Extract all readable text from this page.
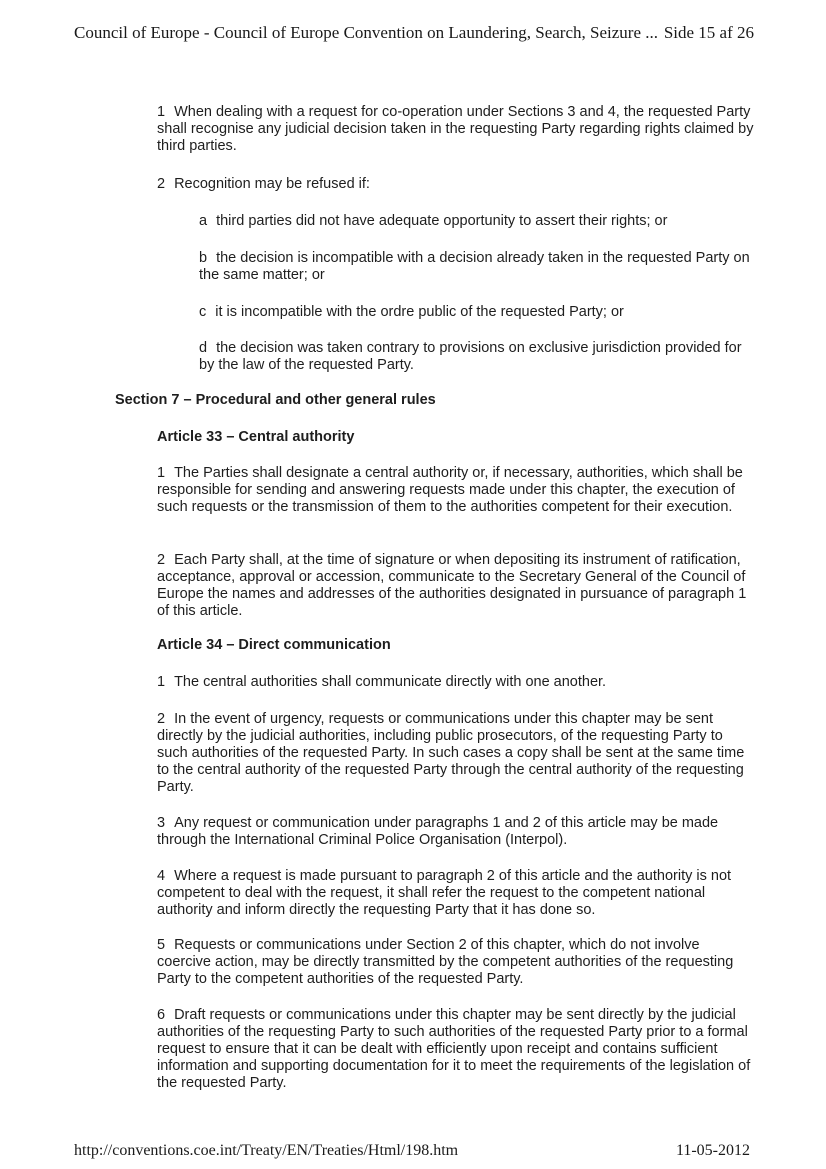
Council of Europe - Council of Europe Convention on Laundering, Search, Seizure ... Side 15 af 26

1 When dealing with a request for co-operation under Sections 3 and 4, the requested Party shall recognise any judicial decision taken in the requesting Party regarding rights claimed by third parties.

2 Recognition may be refused if:

a third parties did not have adequate opportunity to assert their rights; or

b the decision is incompatible with a decision already taken in the requested Party on the same matter; or

c it is incompatible with the ordre public of the requested Party; or

d the decision was taken contrary to provisions on exclusive jurisdiction provided for by the law of the requested Party.

Section 7 – Procedural and other general rules

Article 33 – Central authority

1 The Parties shall designate a central authority or, if necessary, authorities, which shall be responsible for sending and answering requests made under this chapter, the execution of such requests or the transmission of them to the authorities competent for their execution.

2 Each Party shall, at the time of signature or when depositing its instrument of ratification, acceptance, approval or accession, communicate to the Secretary General of the Council of Europe the names and addresses of the authorities designated in pursuance of paragraph 1 of this article.

Article 34 – Direct communication

1 The central authorities shall communicate directly with one another.

2 In the event of urgency, requests or communications under this chapter may be sent directly by the judicial authorities, including public prosecutors, of the requesting Party to such authorities of the requested Party. In such cases a copy shall be sent at the same time to the central authority of the requested Party through the central authority of the requesting Party.

3 Any request or communication under paragraphs 1 and 2 of this article may be made through the International Criminal Police Organisation (Interpol).

4 Where a request is made pursuant to paragraph 2 of this article and the authority is not competent to deal with the request, it shall refer the request to the competent national authority and inform directly the requesting Party that it has done so.

5 Requests or communications under Section 2 of this chapter, which do not involve coercive action, may be directly transmitted by the competent authorities of the requesting Party to the competent authorities of the requested Party.

6 Draft requests or communications under this chapter may be sent directly by the judicial authorities of the requesting Party to such authorities of the requested Party prior to a formal request to ensure that it can be dealt with efficiently upon receipt and contains sufficient information and supporting documentation for it to meet the requirements of the legislation of the requested Party.

http://conventions.coe.int/Treaty/EN/Treaties/Html/198.htm	11-05-2012
